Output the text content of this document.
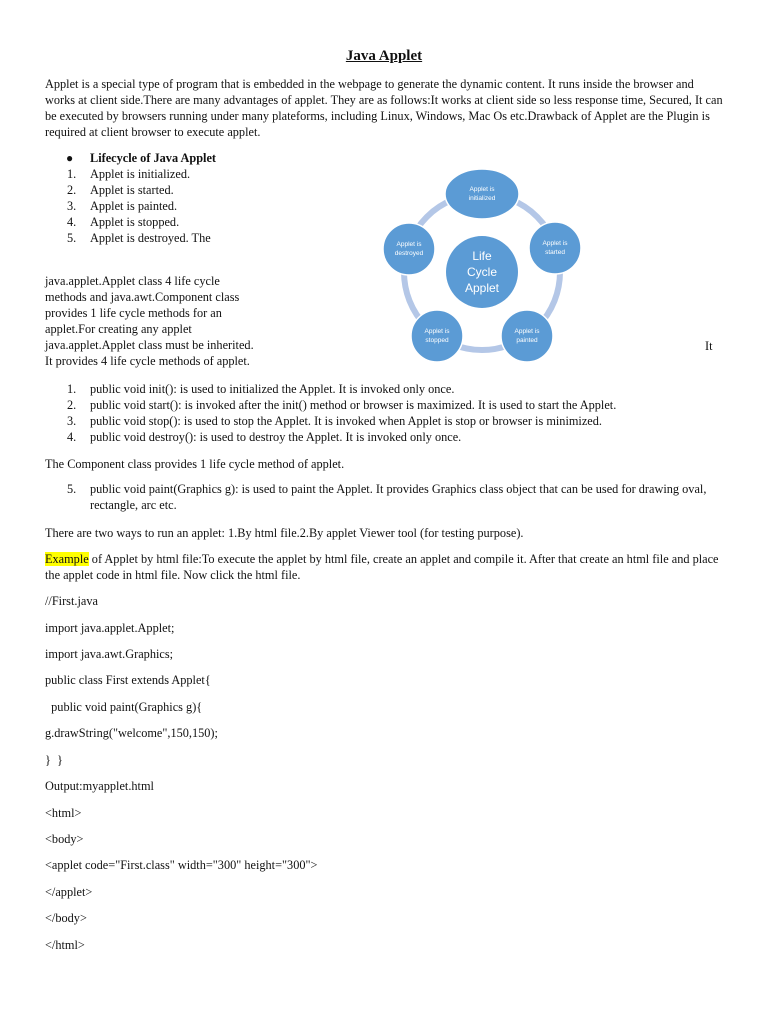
Java Applet

Applet is a special type of program that is embedded in the webpage to generate the dynamic content. It runs inside the browser and works at client side.There are many advantages of applet. They are as follows:It works at client side so less response time, Secured, It can be executed by browsers running under many plateforms, including Linux, Windows, Mac Os etc.Drawback of Applet are the Plugin is required at client browser to execute applet.

● Lifecycle of Java Applet
1. Applet is initialized.
2. Applet is started.
3. Applet is painted.
4. Applet is stopped.
5. Applet is destroyed. The

java.applet.Applet class 4 life cycle methods and java.awt.Component class provides 1 life cycle methods for an applet.For creating any applet java.applet.Applet class must be inherited. It provides 4 life cycle methods of applet.

It
Life
Cycle
Applet
Applet is
initialized
Applet is
started
Applet is
painted
Applet is
stopped
Applet is
destroyed
1. public void init(): is used to initialized the Applet. It is invoked only once.
2. public void start(): is invoked after the init() method or browser is maximized. It is used to start the Applet.
3. public void stop(): is used to stop the Applet. It is invoked when Applet is stop or browser is minimized.
4. public void destroy(): is used to destroy the Applet. It is invoked only once.

The Component class provides 1 life cycle method of applet.

5. public void paint(Graphics g): is used to paint the Applet. It provides Graphics class object that can be used for drawing oval, rectangle, arc etc.

There are two ways to run an applet: 1.By html file.2.By applet Viewer tool (for testing purpose).

Example of Applet by html file:To execute the applet by html file, create an applet and compile it. After that create an html file and place the applet code in html file. Now click the html file.

//First.java

import java.applet.Applet;

import java.awt.Graphics;

public class First extends Applet{

public void paint(Graphics g){

g.drawString("welcome",150,150);

}  }

Output:myapplet.html

<html>

<body>

<applet code="First.class" width="300" height="300">

</applet>

</body>

</html>
